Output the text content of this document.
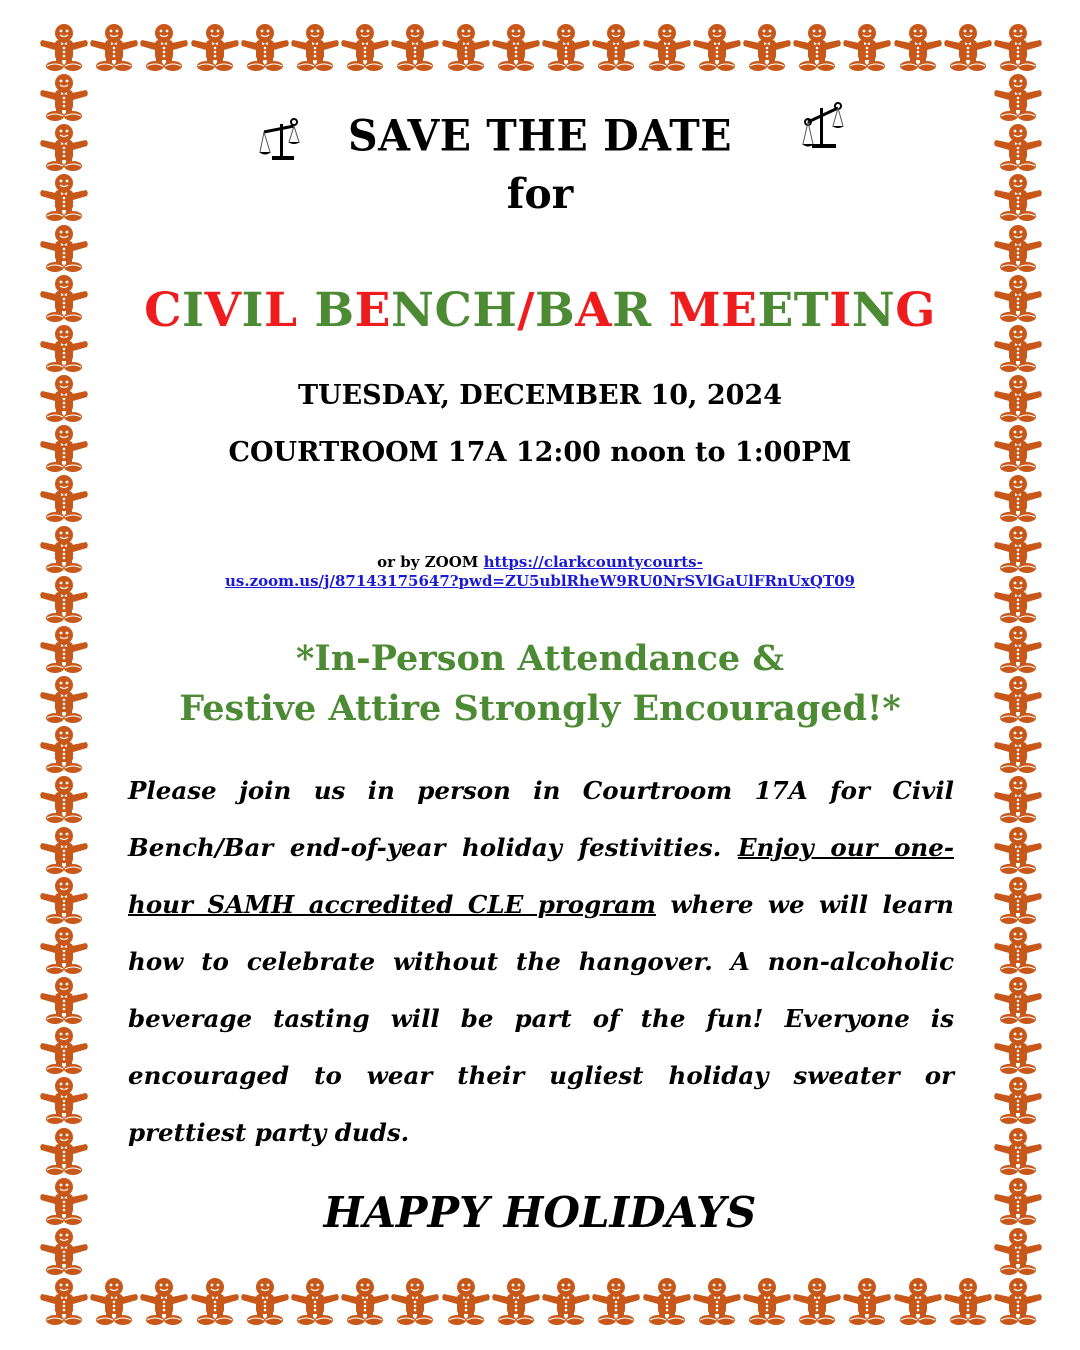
SAVE THE DATE
for
CIVIL BENCH/BAR MEETING
TUESDAY, DECEMBER 10, 2024
COURTROOM 17A 12:00 noon to 1:00PM
or by ZOOM https://clarkcountycourts-
us.zoom.us/j/87143175647?pwd=ZU5ublRheW9RU0NrSVlGaUlFRnUxQT09
*In-Person Attendance &
Festive Attire Strongly Encouraged!*
Please join us in person in Courtroom 17A for Civil Bench/Bar end-of-year holiday festivities. Enjoy our one-hour SAMH accredited CLE program where we will learn how to celebrate without the hangover. A non-alcoholic beverage tasting will be part of the fun! Everyone is encouraged to wear their ugliest holiday sweater or prettiest party duds.
HAPPY HOLIDAYS
